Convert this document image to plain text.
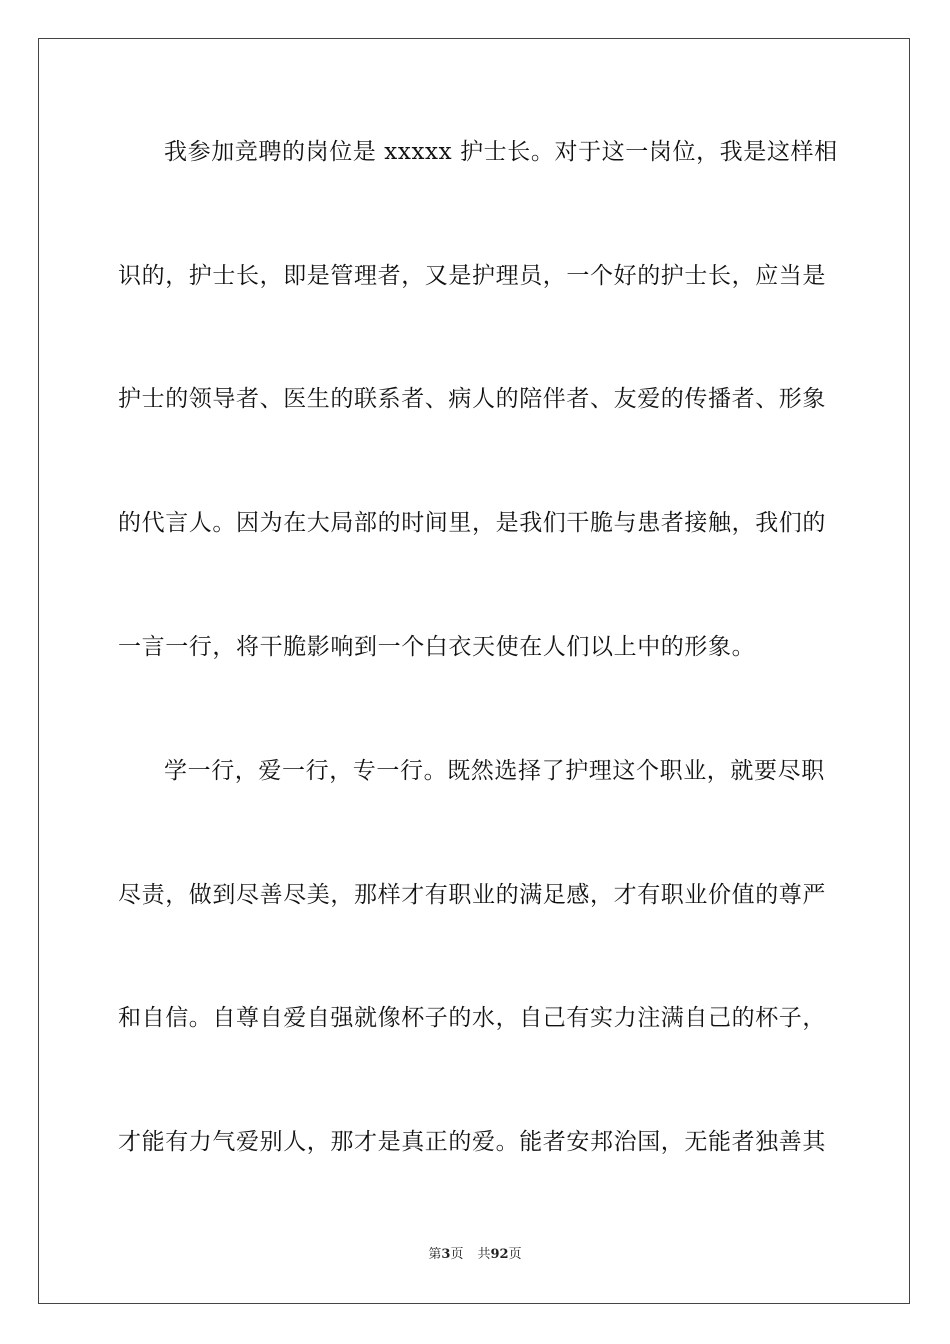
我参加竞聘的岗位是 xxxxx 护士长。对于这一岗位，我是这样相
识的，护士长，即是管理者，又是护理员，一个好的护士长，应当是
护士的领导者、医生的联系者、病人的陪伴者、友爱的传播者、形象
的代言人。因为在大局部的时间里，是我们干脆与患者接触，我们的
一言一行，将干脆影响到一个白衣天使在人们以上中的形象。
学一行，爱一行，专一行。既然选择了护理这个职业，就要尽职
尽责，做到尽善尽美，那样才有职业的满足感，才有职业价值的尊严
和自信。自尊自爱自强就像杯子的水，自己有实力注满自己的杯子，
才能有力气爱别人，那才是真正的爱。能者安邦治国，无能者独善其
第3页 共92页
